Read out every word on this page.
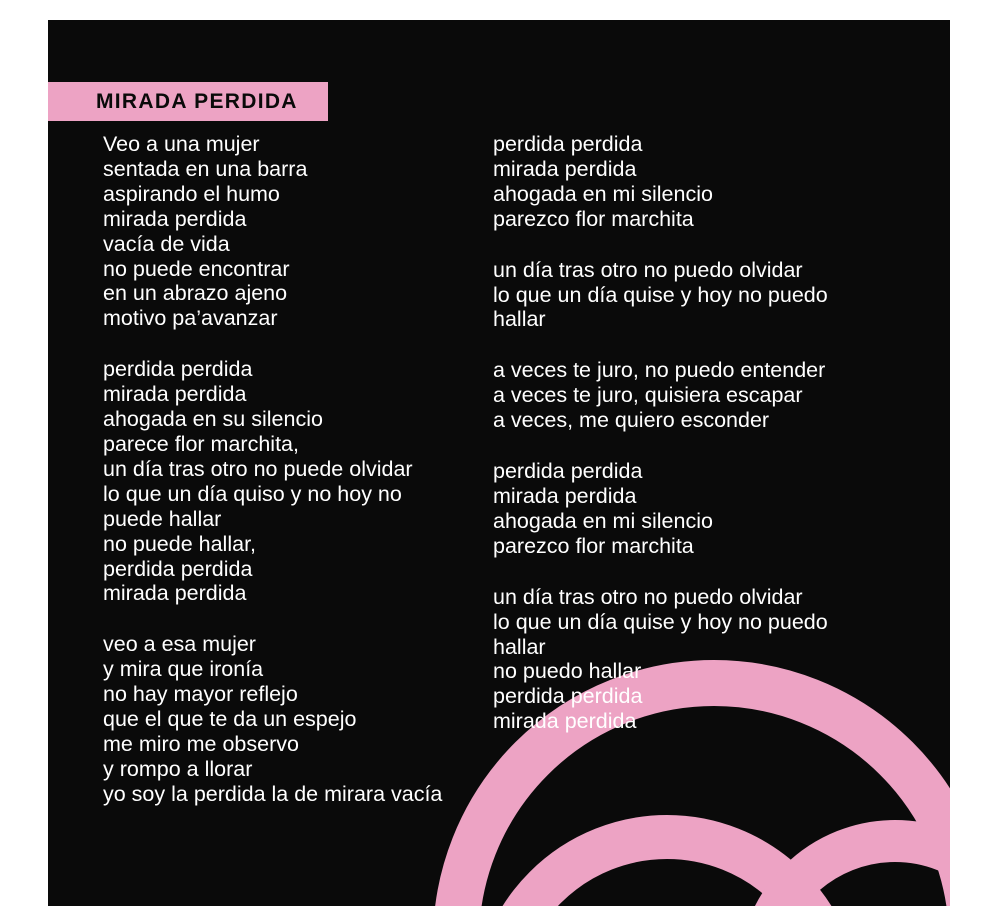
MIRADA PERDIDA
Veo a una mujer
sentada en una barra
aspirando el humo
mirada perdida
vacía de vida
no puede encontrar
en un abrazo ajeno
motivo pa’avanzar
perdida perdida
mirada perdida
ahogada en su silencio
parece flor marchita,
un día tras otro no puede olvidar
lo que un día quiso y no hoy no
puede hallar
no puede hallar,
perdida perdida
mirada perdida
veo a esa mujer
y mira que ironía
no hay mayor reflejo
que el que te da un espejo
me miro me observo
y rompo a llorar
yo soy la perdida la de mirara vacía
perdida perdida
mirada perdida
ahogada en mi silencio
parezco flor marchita
un día tras otro no puedo olvidar
lo que un día quise y hoy no puedo
hallar
a veces te juro, no puedo entender
a veces te juro, quisiera escapar
a veces, me quiero esconder
perdida perdida
mirada perdida
ahogada en mi silencio
parezco flor marchita
un día tras otro no puedo olvidar
lo que un día quise y hoy no puedo
hallar
no puedo hallar
perdida perdida
mirada perdida
